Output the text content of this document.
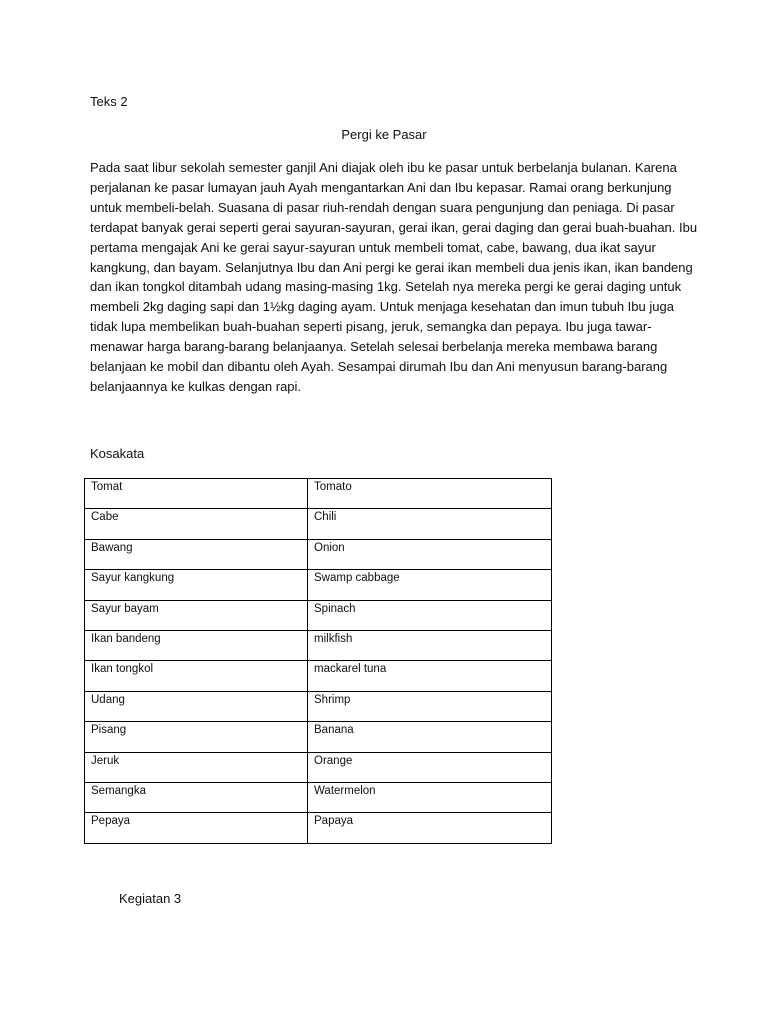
Teks 2
Pergi ke Pasar
Pada saat libur sekolah semester ganjil Ani diajak oleh ibu ke pasar untuk berbelanja bulanan. Karena
perjalanan ke pasar lumayan jauh Ayah mengantarkan Ani dan Ibu kepasar. Ramai orang berkunjung
untuk membeli-belah. Suasana di pasar riuh-rendah dengan suara pengunjung dan peniaga. Di pasar
terdapat banyak gerai seperti gerai sayuran-sayuran, gerai ikan, gerai daging dan gerai buah-buahan. Ibu
pertama mengajak Ani ke gerai sayur-sayuran untuk membeli tomat, cabe, bawang, dua ikat sayur
kangkung, dan bayam. Selanjutnya Ibu dan Ani pergi ke gerai ikan membeli dua jenis ikan, ikan bandeng
dan ikan tongkol ditambah udang masing-masing 1kg. Setelah nya mereka pergi ke gerai daging untuk
membeli 2kg daging sapi dan 1½kg daging ayam. Untuk menjaga kesehatan dan imun tubuh Ibu juga
tidak lupa membelikan buah-buahan seperti pisang, jeruk, semangka dan pepaya. Ibu juga tawar-
menawar harga barang-barang belanjaanya. Setelah selesai berbelanja mereka membawa barang
belanjaan ke mobil dan dibantu oleh Ayah. Sesampai dirumah Ibu dan Ani menyusun barang-barang
belanjaannya ke kulkas dengan rapi.
Kosakata
Tomat	Tomato
Cabe	Chili
Bawang	Onion
Sayur kangkung	Swamp cabbage
Sayur bayam	Spinach
Ikan bandeng	milkfish
Ikan tongkol	mackarel tuna
Udang	Shrimp
Pisang	Banana
Jeruk	Orange
Semangka	Watermelon
Pepaya	Papaya
Kegiatan 3
